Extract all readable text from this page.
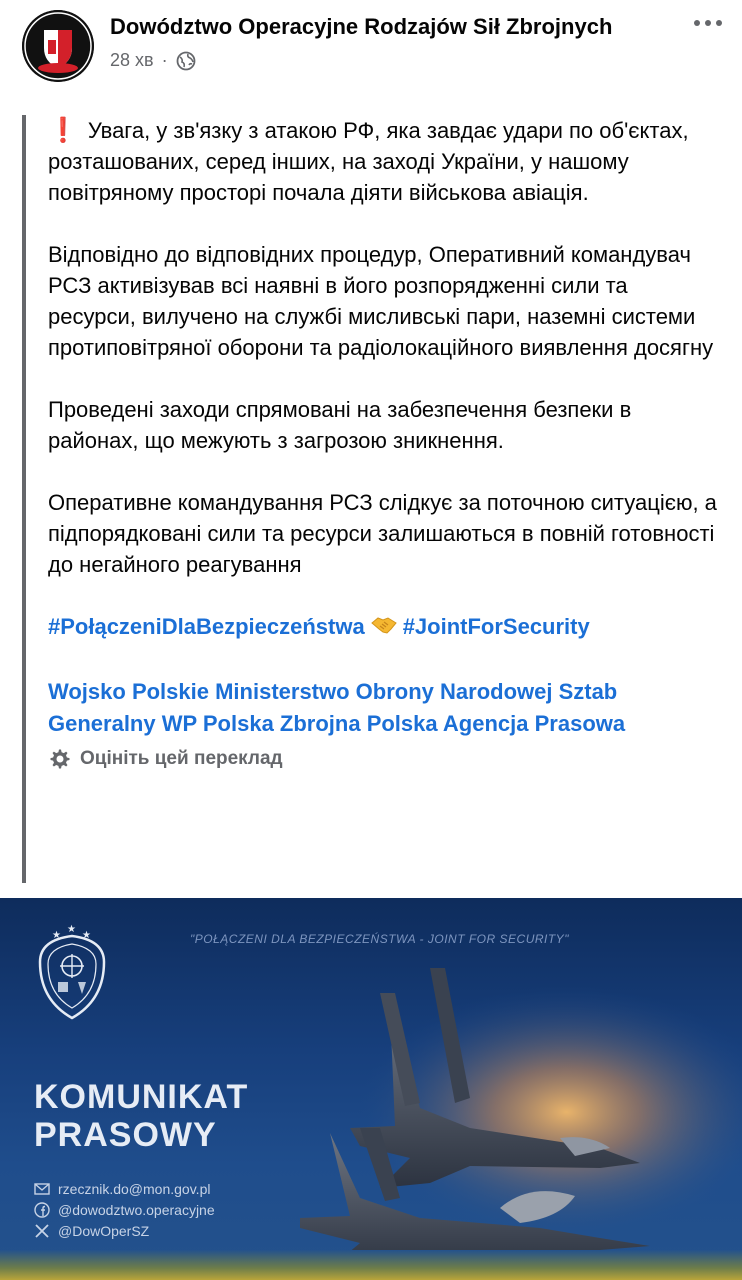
Dowództwo Operacyjne Rodzajów Sił Zbrojnych
28 хв ·

❗ Увага, у зв'язку з атакою РФ, яка завдає удари по об'єктах, розташованих, серед інших, на заході України, у нашому повітряному просторі почала діяти військова авіація.

Відповідно до відповідних процедур, Оперативний командувач РСЗ активізував всі наявні в його розпорядженні сили та ресурси, вилучено на службі мисливські пари, наземні системи протиповітряної оборони та радіолокаційного виявлення досягну

Проведені заходи спрямовані на забезпечення безпеки в районах, що межують з загрозою зникнення.

Оперативне командування РСЗ слідкує за поточною ситуацією, а підпорядковані сили та ресурси залишаються в повній готовності до негайного реагування

#PołączeniDlaBezpieczeństwa #JointForSecurity
Wojsko Polskie Ministerstwo Obrony Narodowej Sztab
Generalny WP Polska Zbrojna Polska Agencja Prasowa
Оцініть цей переклад
★
★
★	"POŁĄCZENI DLA BEZPIECZEŃSTWA - JOINT FOR SECURITY"
KOMUNIKAT
PRASOWY
rzecznik.do@mon.gov.pl
@dowodztwo.operacyjne
@DowOperSZ
